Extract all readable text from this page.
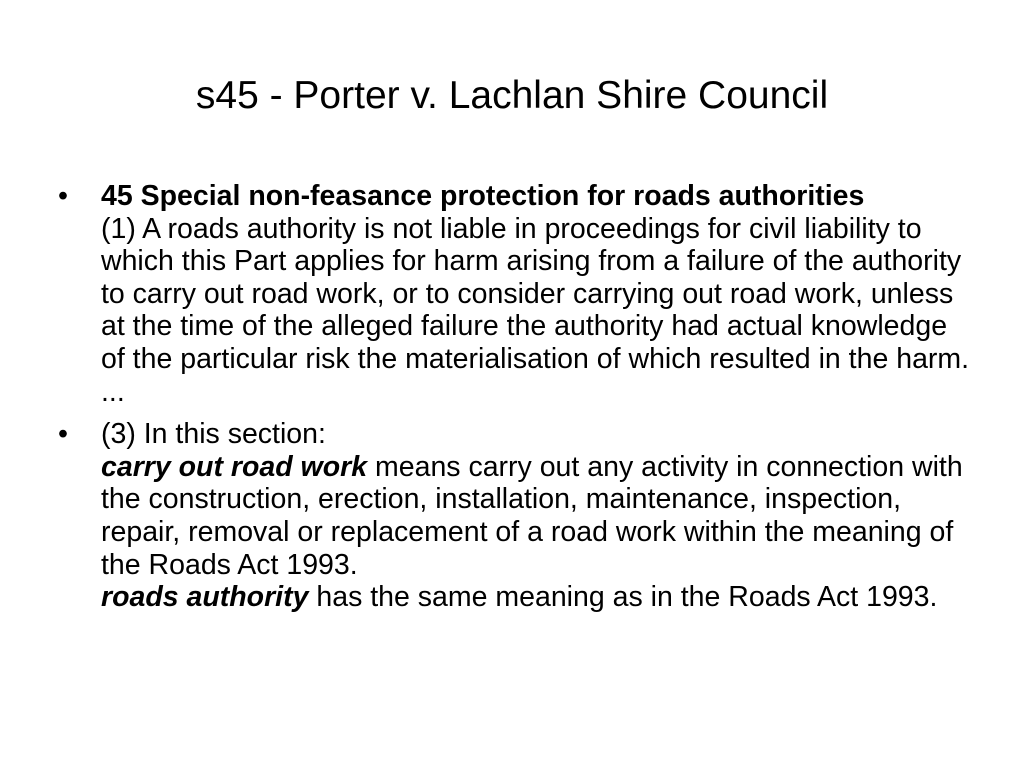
s45 - Porter v. Lachlan Shire Council
• 45 Special non-feasance protection for roads authorities
(1) A roads authority is not liable in proceedings for civil liability to which this Part applies for harm arising from a failure of the authority to carry out road work, or to consider carrying out road work, unless at the time of the alleged failure the authority had actual knowledge of the particular risk the materialisation of which resulted in the harm.
...
• (3) In this section:
carry out road work means carry out any activity in connection with the construction, erection, installation, maintenance, inspection, repair, removal or replacement of a road work within the meaning of the Roads Act 1993.
roads authority has the same meaning as in the Roads Act 1993.
